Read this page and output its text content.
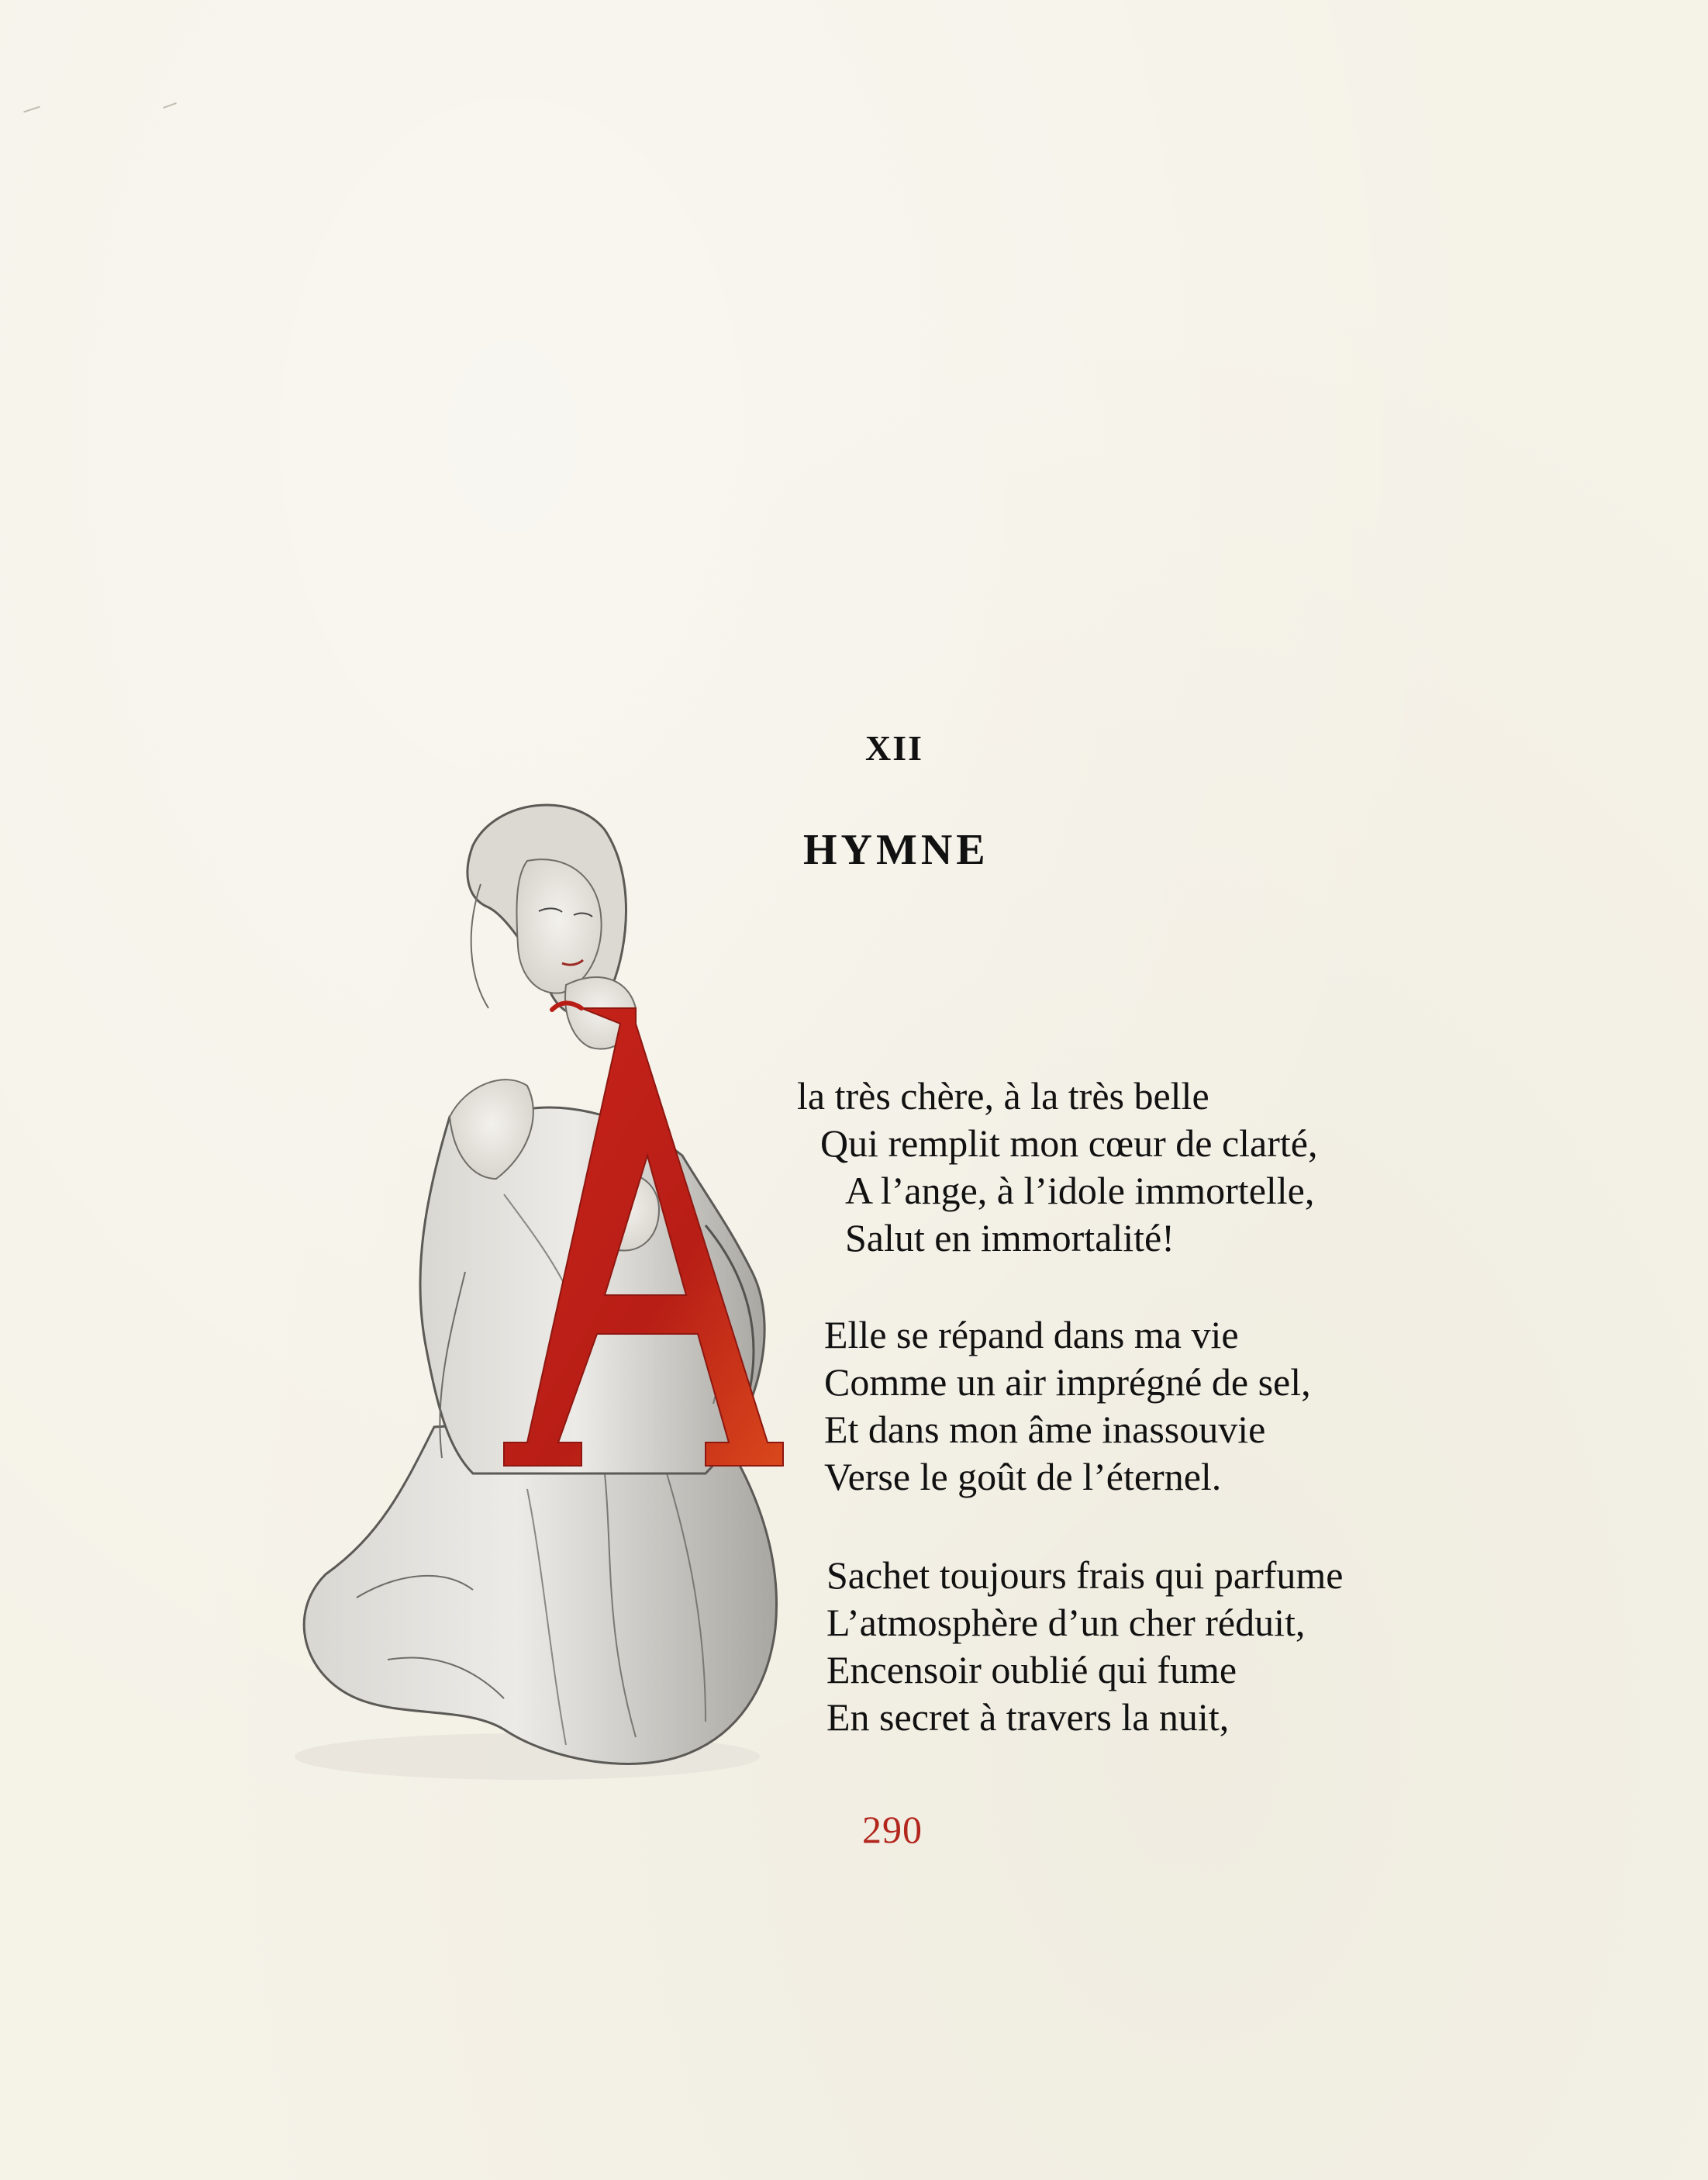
XII
HYMNE
la très chère, à la très belle
Qui remplit mon cœur de clarté,
A l’ange, à l’idole immortelle,
Salut en immortalité!
Elle se répand dans ma vie
Comme un air imprégné de sel,
Et dans mon âme inassouvie
Verse le goût de l’éternel.
Sachet toujours frais qui parfume
L’atmosphère d’un cher réduit,
Encensoir oublié qui fume
En secret à travers la nuit,
290
